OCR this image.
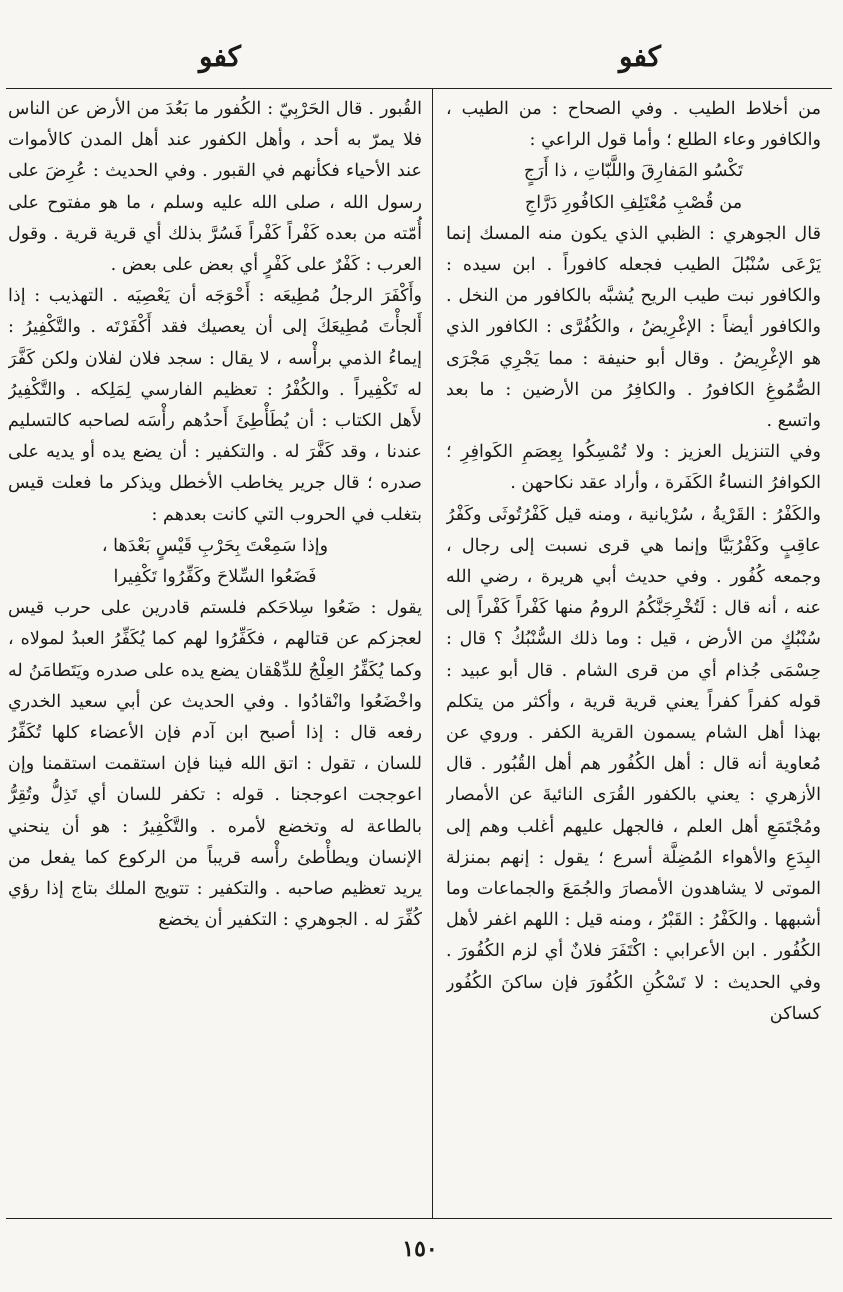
كفو
كفو

من أخلاط الطيب . وفي الصحاح : من الطيب ، والكافور وعاء الطلع ؛ وأما قول الراعي :

تَكْسُو المَفارِقَ واللَّبّاتِ ، ذا أَرَجٍ

من قُصْبِ مُعْتَلِفِ الكافُورِ دَرَّاجِ

قال الجوهري : الظبي الذي يكون منه المسك إنما يَرْعَى سُنْبُلَ الطيب فجعله كافوراً . ابن سيده : والكافور نبت طيب الريح يُشبَّه بالكافور من النخل . والكافور أيضاً : الإغْرِيضُ ، والكُفُرَّى : الكافور الذي هو الإغْرِيضُ . وقال أبو حنيفة : مما يَجْرِي مَجْرَى الصُّمُوغِ الكافورُ . والكافِرُ من الأرضين : ما بعد واتسع .

وفي التنزيل العزيز : ولا تُمْسِكُوا بِعِصَمِ الكَوافِرِ ؛ الكوافرُ النساءُ الكَفَرة ، وأراد عقد نكاحهن .

والكَفْرُ : القَرْيةُ ، سُرْيانية ، ومنه قيل كَفْرُتُوثَى وكَفْرُ عاقِبٍ وكَفْرُبَيَّا وإنما هي قرى نسبت إلى رجال ، وجمعه كُفُور . وفي حديث أبي هريرة ، رضي الله عنه ، أنه قال : لَتُخْرِجَنَّكُمُ الرومُ منها كَفْراً كَفْراً إلى سُنْبُكٍ من الأرض ، قيل : وما ذلك السُّنْبُكُ ؟ قال : حِسْمَى جُذام أي من قرى الشام . قال أبو عبيد : قوله كفراً كفراً يعني قرية قرية ، وأكثر من يتكلم بهذا أهل الشام يسمون القرية الكفر . وروي عن مُعاوية أنه قال : أهل الكُفُور هم أهل القُبُور . قال الأزهري : يعني بالكفور القُرَى النائيةَ عن الأمصار ومُجْتَمَعِ أهل العلم ، فالجهل عليهم أغلب وهم إلى البِدَعِ والأهواء المُضِلَّة أسرع ؛ يقول : إنهم بمنزلة الموتى لا يشاهدون الأمصارَ والجُمَعَ والجماعات وما أشبهها . والكَفْرُ : القَبْرُ ، ومنه قيل : اللهم اغفر لأهل الكُفُور . ابن الأعرابي : اكْتَفَرَ فلانٌ أي لزم الكُفُورَ . وفي الحديث : لا تَسْكُنِ الكُفُورَ فإن ساكنَ الكُفُور كساكن

القُبور . قال الحَرْبِيّ : الكُفور ما بَعُدَ من الأرض عن الناس فلا يمرّ به أحد ، وأهل الكفور عند أهل المدن كالأموات عند الأحياء فكأنهم في القبور . وفي الحديث : عُرِضَ على رسول الله ، صلى الله عليه وسلم ، ما هو مفتوح على أُمّته من بعده كَفْراً كَفْراً فَسُرَّ بذلك أي قرية قرية . وقول العرب : كَفْرٌ على كَفْرٍ أي بعض على بعض .

وأَكْفَرَ الرجلُ مُطِيعَه : أَحْوَجَه أن يَعْصِيَه . التهذيب : إذا أَلجأْتَ مُطِيعَكَ إلى أن يعصيك فقد أَكْفَرْتَه . والتَّكْفِيرُ : إيماءُ الذمي برأْسه ، لا يقال : سجد فلان لفلان ولكن كَفَّرَ له تَكْفِيراً . والكُفْرُ : تعظيم الفارسي لِمَلِكه . والتَّكْفِيرُ لأَهل الكتاب : أن يُطَأْطِئَ أَحدُهم رأْسَه لصاحبه كالتسليم عندنا ، وقد كَفَّرَ له . والتكفير : أن يضع يده أو يديه على صدره ؛ قال جرير يخاطب الأخطل ويذكر ما فعلت قيس بتغلب في الحروب التي كانت بعدهم :

وإذا سَمِعْتَ بِحَرْبِ قَيْسٍ بَعْدَها ،

فَضَعُوا السِّلاحَ وكَفِّرُوا تَكْفِيرا

يقول : ضَعُوا سِلاحَكم فلستم قادرين على حرب قيس لعجزكم عن قتالهم ، فكَفِّرُوا لهم كما يُكَفِّرُ العبدُ لمولاه ، وكما يُكَفِّرُ العِلْجُ للدِّهْقان يضع يده على صدره ويَتَطامَنُ له واخْضَعُوا وانْقادُوا . وفي الحديث عن أبي سعيد الخدري رفعه قال : إذا أصبح ابن آدم فإن الأعضاء كلها تُكَفِّرُ للسان ، تقول : اتق الله فينا فإن استقمت استقمنا وإن اعوججت اعوججنا . قوله : تكفر للسان أي تَذِلُّ وتُقِرُّ بالطاعة له وتخضع لأمره . والتَّكْفِيرُ : هو أن ينحني الإنسان ويطأْطئ رأْسه قريباً من الركوع كما يفعل من يريد تعظيم صاحبه . والتكفير : تتويج الملك بتاج إذا رؤي كُفِّرَ له . الجوهري : التكفير أن يخضع

١٥٠
